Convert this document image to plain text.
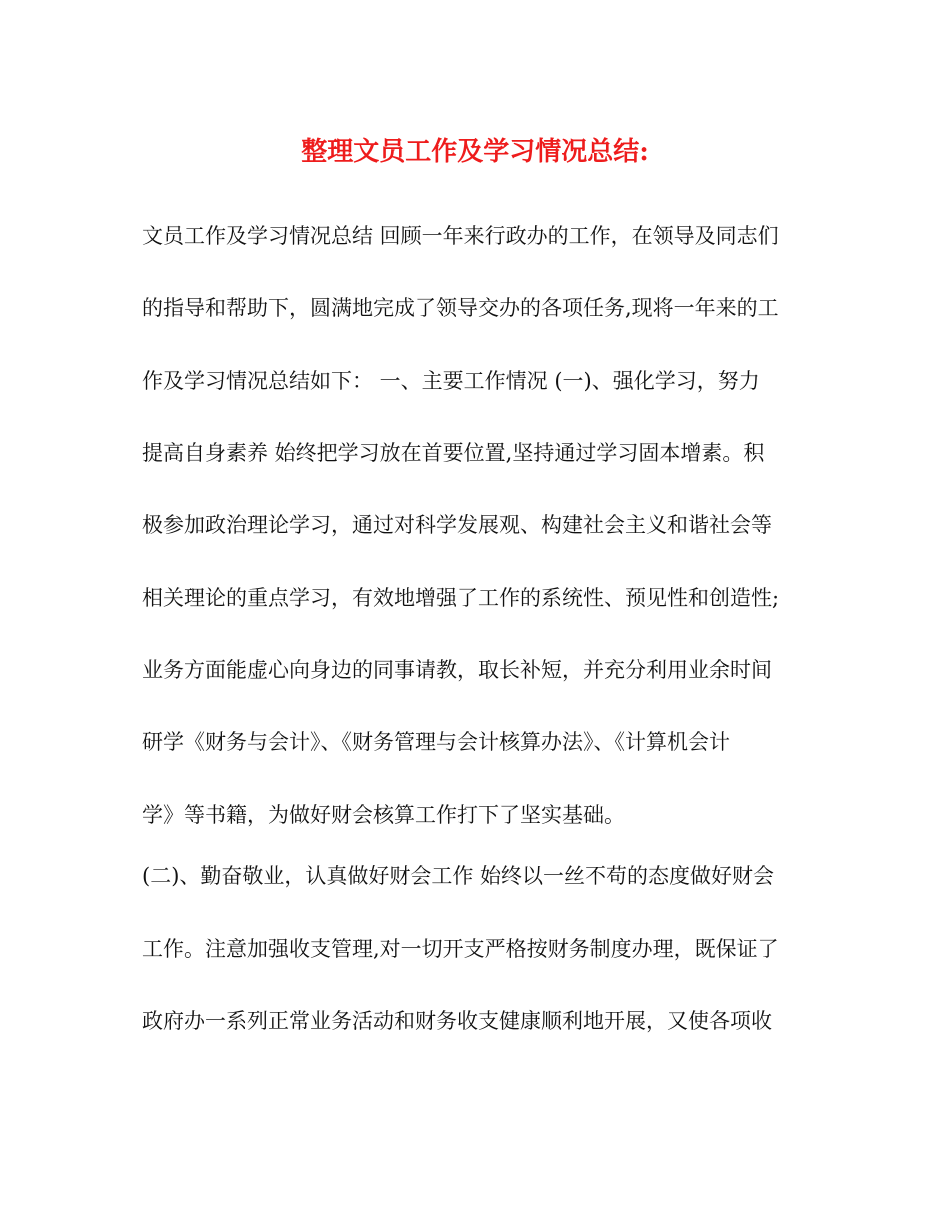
整理文员工作及学习情况总结:

文员工作及学习情况总结 回顾一年来行政办的工作，在领导及同志们

的指导和帮助下，圆满地完成了领导交办的各项任务,现将一年来的工

作及学习情况总结如下： 一、主要工作情况 (一)、强化学习，努力

提高自身素养 始终把学习放在首要位置,坚持通过学习固本增素。积

极参加政治理论学习，通过对科学发展观、构建社会主义和谐社会等

相关理论的重点学习，有效地增强了工作的系统性、预见性和创造性;

业务方面能虚心向身边的同事请教，取长补短，并充分利用业余时间

研学《财务与会计》、《财务管理与会计核算办法》、《计算机会计

学》等书籍，为做好财会核算工作打下了坚实基础。

(二)、勤奋敬业，认真做好财会工作 始终以一丝不苟的态度做好财会

工作。注意加强收支管理,对一切开支严格按财务制度办理，既保证了

政府办一系列正常业务活动和财务收支健康顺利地开展，又使各项收
